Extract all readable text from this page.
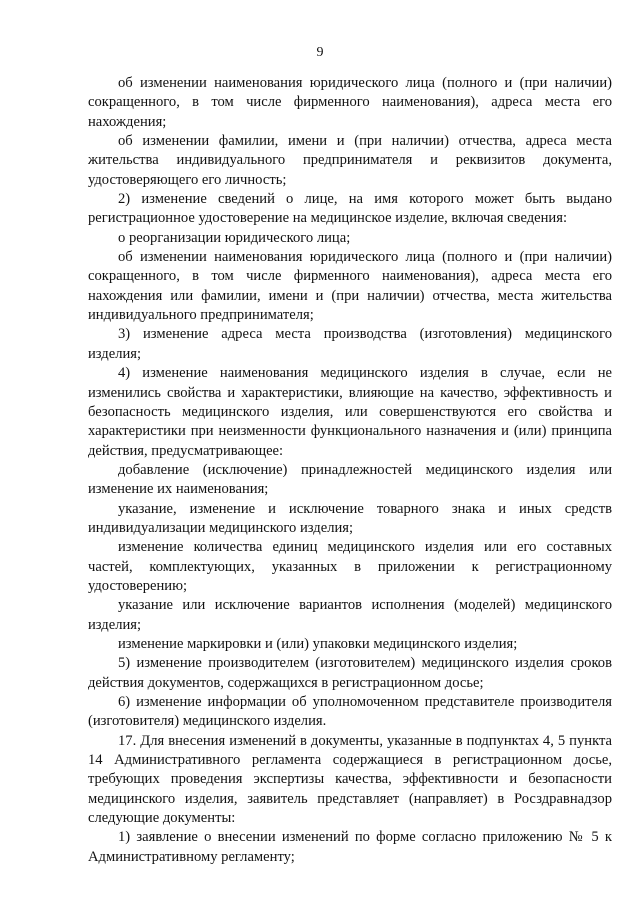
9

об изменении наименования юридического лица (полного и (при наличии) сокращенного, в том числе фирменного наименования), адреса места его нахождения;

об изменении фамилии, имени и (при наличии) отчества, адреса места жительства индивидуального предпринимателя и реквизитов документа, удостоверяющего его личность;

2) изменение сведений о лице, на имя которого может быть выдано регистрационное удостоверение на медицинское изделие, включая сведения:

о реорганизации юридического лица;

об изменении наименования юридического лица (полного и (при наличии) сокращенного, в том числе фирменного наименования), адреса места его нахождения или фамилии, имени и (при наличии) отчества, места жительства индивидуального предпринимателя;

3) изменение адреса места производства (изготовления) медицинского изделия;

4) изменение наименования медицинского изделия в случае, если не изменились свойства и характеристики, влияющие на качество, эффективность и безопасность медицинского изделия, или совершенствуются его свойства и характеристики при неизменности функционального назначения и (или) принципа действия, предусматривающее:

добавление (исключение) принадлежностей медицинского изделия или изменение их наименования;

указание, изменение и исключение товарного знака и иных средств индивидуализации медицинского изделия;

изменение количества единиц медицинского изделия или его составных частей, комплектующих, указанных в приложении к регистрационному удостоверению;

указание или исключение вариантов исполнения (моделей) медицинского изделия;

изменение маркировки и (или) упаковки медицинского изделия;

5) изменение производителем (изготовителем) медицинского изделия сроков действия документов, содержащихся в регистрационном досье;

6) изменение информации об уполномоченном представителе производителя (изготовителя) медицинского изделия.

17. Для внесения изменений в документы, указанные в подпунктах 4, 5 пункта 14 Административного регламента содержащиеся в регистрационном досье, требующих проведения экспертизы качества, эффективности и безопасности медицинского изделия, заявитель представляет (направляет) в Росздравнадзор следующие документы:

1) заявление о внесении изменений по форме согласно приложению № 5 к Административному регламенту;
